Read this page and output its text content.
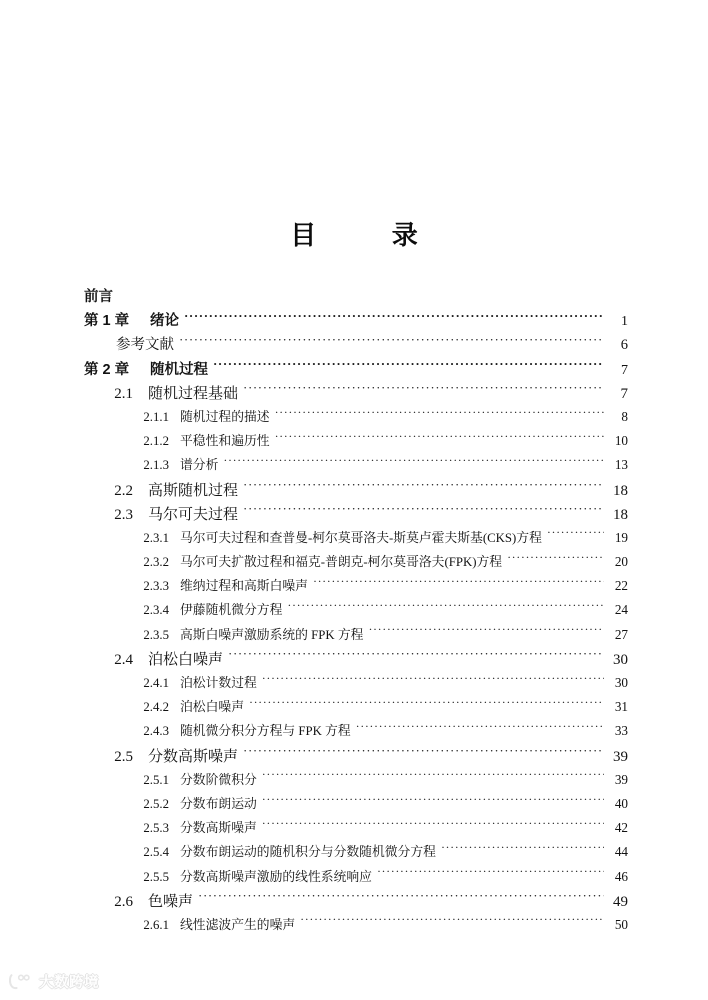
目　　录
前言
第 1 章	绪论 ·····	1
参考文献 ·····	6
第 2 章	随机过程 ·····	7
2.1	随机过程基础 ·····	7
2.1.1 随机过程的描述 ·····	8
2.1.2 平稳性和遍历性 ·····	10
2.1.3 谱分析 ·····	13
2.2	高斯随机过程 ·····	18
2.3	马尔可夫过程 ·····	18
2.3.1 马尔可夫过程和查普曼-柯尔莫哥洛夫-斯莫卢霍夫斯基(CKS)方程 ·····	19
2.3.2 马尔可夫扩散过程和福克-普朗克-柯尔莫哥洛夫(FPK)方程 ·····	20
2.3.3 维纳过程和高斯白噪声 ·····	22
2.3.4 伊藤随机微分方程 ·····	24
2.3.5 高斯白噪声激励系统的 FPK 方程 ·····	27
2.4	泊松白噪声 ·····	30
2.4.1 泊松计数过程 ·····	30
2.4.2 泊松白噪声 ·····	31
2.4.3 随机微分积分方程与 FPK 方程 ·····	33
2.5	分数高斯噪声 ·····	39
2.5.1 分数阶微积分 ·····	39
2.5.2 分数布朗运动 ·····	40
2.5.3 分数高斯噪声 ·····	42
2.5.4 分数布朗运动的随机积分与分数随机微分方程 ·····	44
2.5.5 分数高斯噪声激励的线性系统响应 ·····	46
2.6	色噪声 ·····	49
2.6.1 线性滤波产生的噪声 ·····	50
大数跨境
